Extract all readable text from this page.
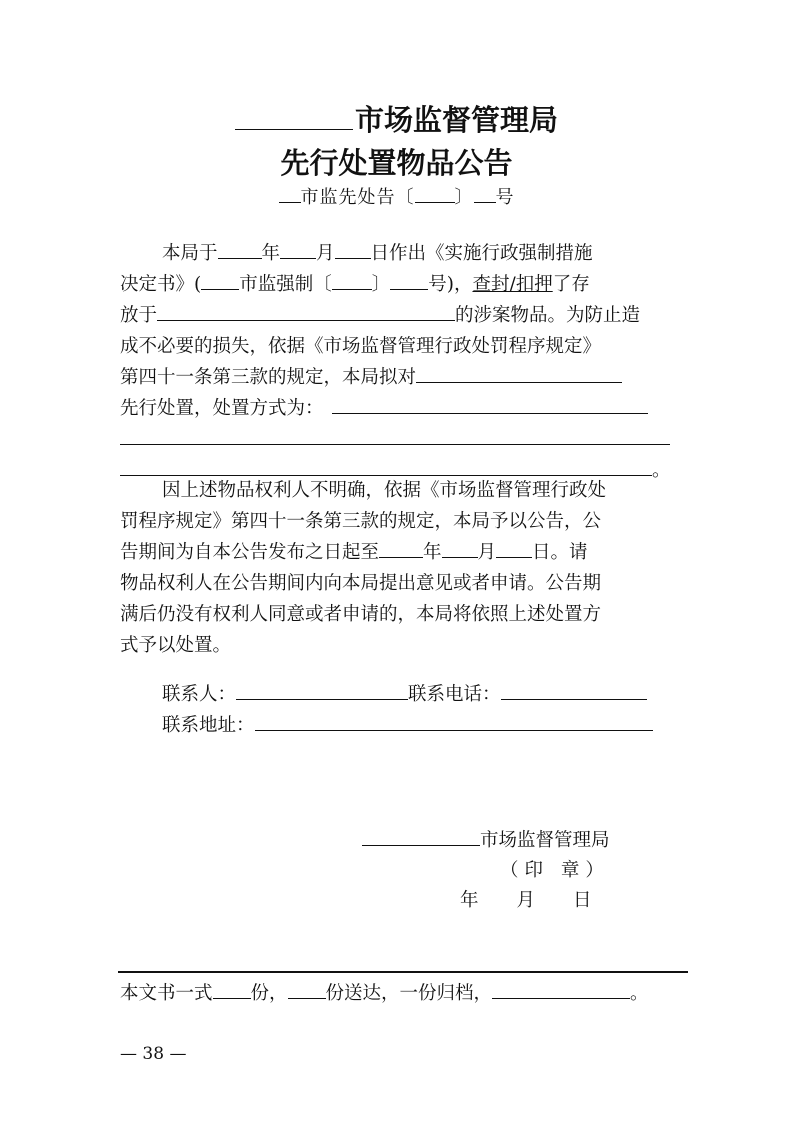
市场监督管理局
先行处置物品公告
市监先处告〔 〕 号
本局于 年 月 日作出《实施行政强制措施
决定书》( 市监强制〔 〕 号)，查封/扣押了存
放于	的涉案物品。为防止造
成不必要的损失，依据《市场监督管理行政处罚程序规定》
第四十一条第三款的规定，本局拟对
先行处置，处置方式为：
。
因上述物品权利人不明确，依据《市场监督管理行政处
罚程序规定》第四十一条第三款的规定，本局予以公告，公
告期间为自本公告发布之日起至 年 月 日。请
物品权利人在公告期间内向本局提出意见或者申请。公告期
满后仍没有权利人同意或者申请的，本局将依照上述处置方
式予以处置。
联系人：	联系电话：
联系地址：
市场监督管理局
（印 章）
年 月 日
本文书一式 份， 份送达，一份归档，	。
— 38 —
